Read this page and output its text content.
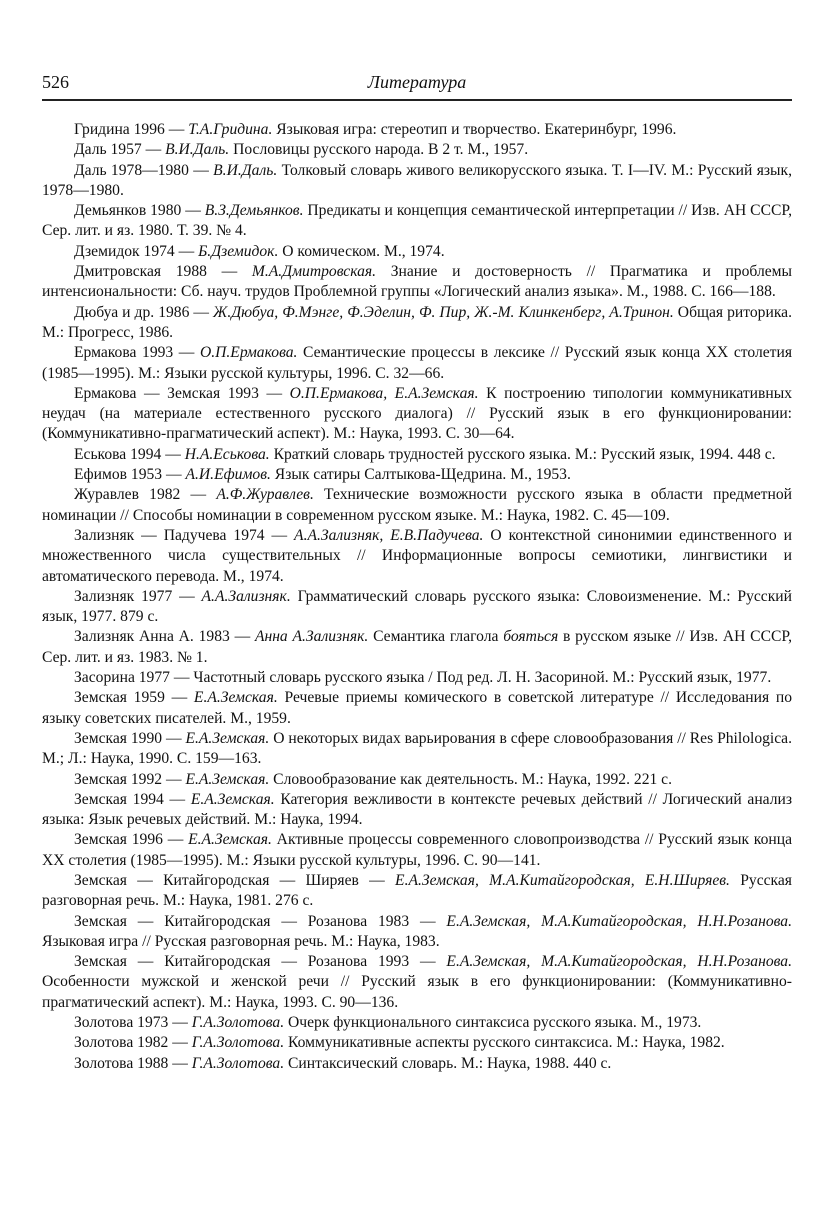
526	Литература

Гридина 1996 — Т.А.Гридина. Языковая игра: стереотип и творчество. Екатеринбург, 1996.

Даль 1957 — В.И.Даль. Пословицы русского народа. В 2 т. М., 1957.

Даль 1978—1980 — В.И.Даль. Толковый словарь живого великорусского языка. Т. I—IV. М.: Русский язык, 1978—1980.

Демьянков 1980 — В.З.Демьянков. Предикаты и концепция семантической интерпретации // Изв. АН СССР, Сер. лит. и яз. 1980. Т. 39. № 4.

Дземидок 1974 — Б.Дземидок. О комическом. М., 1974.

Дмитровская 1988 — М.А.Дмитровская. Знание и достоверность // Прагматика и проблемы интенсиональности: Сб. науч. трудов Проблемной группы «Логический анализ языка». М., 1988. С. 166—188.

Дюбуа и др. 1986 — Ж.Дюбуа, Ф.Мэнге, Ф.Эделин, Ф. Пир, Ж.-М. Клинкенберг, А.Тринон. Общая риторика. М.: Прогресс, 1986.

Ермакова 1993 — О.П.Ермакова. Семантические процессы в лексике // Русский язык конца XX столетия (1985—1995). М.: Языки русской культуры, 1996. С. 32—66.

Ермакова — Земская 1993 — О.П.Ермакова, Е.А.Земская. К построению типологии коммуникативных неудач (на материале естественного русского диалога) // Русский язык в его функционировании: (Коммуникативно-прагматический аспект). М.: Наука, 1993. С. 30—64.

Еськова 1994 — Н.А.Еськова. Краткий словарь трудностей русского языка. М.: Русский язык, 1994. 448 с.

Ефимов 1953 — А.И.Ефимов. Язык сатиры Салтыкова-Щедрина. М., 1953.

Журавлев 1982 — А.Ф.Журавлев. Технические возможности русского языка в области предметной номинации // Способы номинации в современном русском языке. М.: Наука, 1982. С. 45—109.

Зализняк — Падучева 1974 — А.А.Зализняк, Е.В.Падучева. О контекстной синонимии единственного и множественного числа существительных // Информационные вопросы семиотики, лингвистики и автоматического перевода. М., 1974.

Зализняк 1977 — А.А.Зализняк. Грамматический словарь русского языка: Словоизменение. М.: Русский язык, 1977. 879 с.

Зализняк Анна А. 1983 — Анна А.Зализняк. Семантика глагола бояться в русском языке // Изв. АН СССР, Сер. лит. и яз. 1983. № 1.

Засорина 1977 — Частотный словарь русского языка / Под ред. Л. Н. Засориной. М.: Русский язык, 1977.

Земская 1959 — Е.А.Земская. Речевые приемы комического в советской литературе // Исследования по языку советских писателей. М., 1959.

Земская 1990 — Е.А.Земская. О некоторых видах варьирования в сфере словообразования // Res Philologica. М.; Л.: Наука, 1990. С. 159—163.

Земская 1992 — Е.А.Земская. Словообразование как деятельность. М.: Наука, 1992. 221 с.

Земская 1994 — Е.А.Земская. Категория вежливости в контексте речевых действий // Логический анализ языка: Язык речевых действий. М.: Наука, 1994.

Земская 1996 — Е.А.Земская. Активные процессы современного словопроизводства // Русский язык конца XX столетия (1985—1995). М.: Языки русской культуры, 1996. С. 90—141.

Земская — Китайгородская — Ширяев — Е.А.Земская, М.А.Китайгородская, Е.Н.Ширяев. Русская разговорная речь. М.: Наука, 1981. 276 с.

Земская — Китайгородская — Розанова 1983 — Е.А.Земская, М.А.Китайгородская, Н.Н.Розанова. Языковая игра // Русская разговорная речь. М.: Наука, 1983.

Земская — Китайгородская — Розанова 1993 — Е.А.Земская, М.А.Китайгородская, Н.Н.Розанова. Особенности мужской и женской речи // Русский язык в его функционировании: (Коммуникативно-прагматический аспект). М.: Наука, 1993. С. 90—136.

Золотова 1973 — Г.А.Золотова. Очерк функционального синтаксиса русского языка. М., 1973.

Золотова 1982 — Г.А.Золотова. Коммуникативные аспекты русского синтаксиса. М.: Наука, 1982.

Золотова 1988 — Г.А.Золотова. Синтаксический словарь. М.: Наука, 1988. 440 с.
